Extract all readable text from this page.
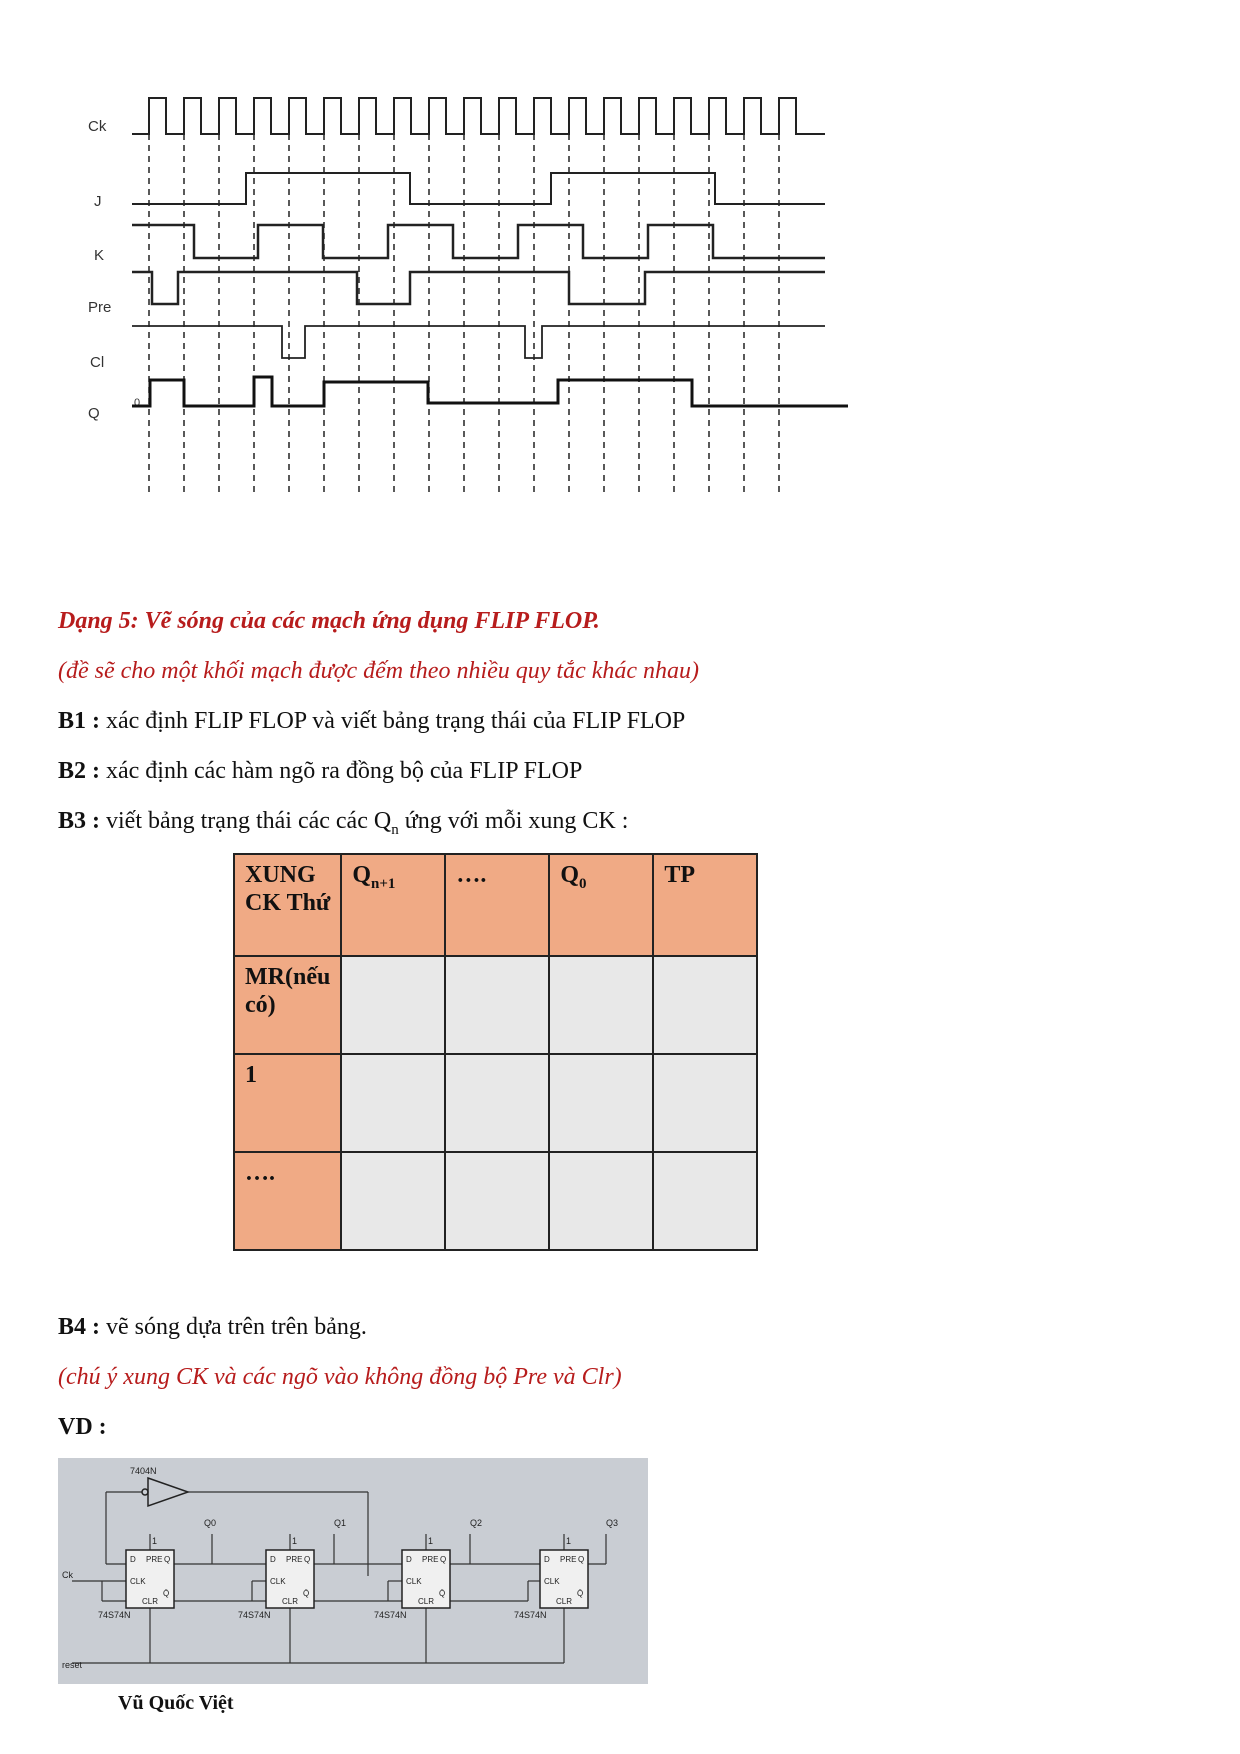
Ck
J
K
Pre
Cl
Q
0
Dạng 5: Vẽ sóng của các mạch ứng dụng FLIP FLOP.
(đề sẽ cho một khối mạch được đếm theo nhiều quy tắc khác nhau)
B1 : xác định FLIP FLOP và viết bảng trạng thái của FLIP FLOP
B2 : xác định các hàm ngõ ra đồng bộ của FLIP FLOP
B3 : viết bảng trạng thái các các $Q_n$ ứng với mỗi xung CK :
XUNG CK Thứ	$Q_{n+1}$	….	$Q_0$	TP
MR(nếu có)				
1				
….				
B4 : vẽ sóng dựa trên trên bảng.
(chú ý xung CK và các ngõ vào không đồng bộ Pre và Clr)
VD :
7404N
D	Q
CLK
PRE
CLR
Q̄
D	Q
CLK
PRE
CLR
Q̄
D	Q
CLK
PRE
CLR
Q̄
D	Q
CLK
PRE
CLR
Q̄
74S74N	74S74N	74S74N	74S74N
Q0	Q1	Q2	Q3
1	1	1	1
Ck
reset
Vũ Quốc Việt
